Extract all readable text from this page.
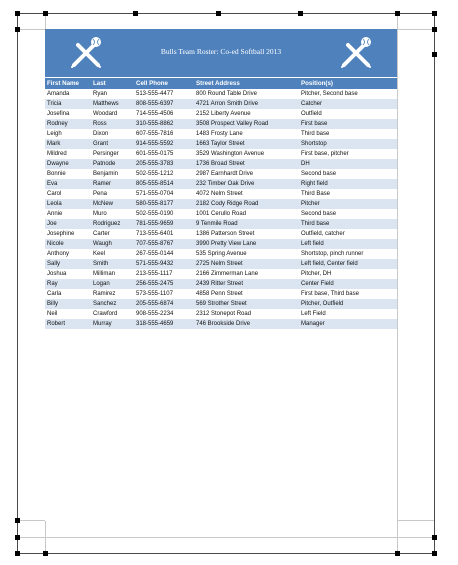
Bulls Team Roster: Co-ed Softball 2013
First Name	Last	Cell Phone	Street Address	Position(s)
Amanda	Ryan	513-555-4477	800 Round Table Drive	Pitcher, Second base
Tricia	Matthews	808-555-6397	4721 Arron Smith Drive	Catcher
Josefina	Woodard	714-555-4506	2152 Liberty Avenue	Outfield
Rodney	Ross	310-555-8862	3508 Prospect Valley Road	First base
Leigh	Dixon	607-555-7816	1483 Frosty Lane	Third base
Mark	Grant	914-555-5592	1663 Taylor Street	Shortstop
Mildred	Persinger	601-555-0175	3529 Washington Avenue	First base, pitcher
Dwayne	Patnode	205-555-3783	1736 Broad Street	DH
Bonnie	Benjamin	502-555-1212	2987 Earnhardt Drive	Second base
Eva	Ramer	805-555-8514	232 Timber Oak Drive	Right field
Carol	Pena	571-555-0704	4072 Nelm Street	Third Base
Leola	McNew	580-555-8177	2182 Cody Ridge Road	Pitcher
Annie	Muro	502-555-0190	1001 Cerullo Road	Second base
Joe	Rodriguez	781-555-9659	9 Tenmile Road	Third base
Josephine	Carter	713-555-6401	1386 Patterson Street	Outfield, catcher
Nicole	Waugh	707-555-8767	3990 Pretty View Lane	Left field
Anthony	Keel	267-555-0144	535 Spring Avenue	Shortstop, pinch runner
Sally	Smith	571-555-9432	2725 Nelm Street	Left field, Center field
Joshua	Milliman	213-555-1117	2166 Zimmerman Lane	Pitcher, DH
Ray	Logan	256-555-2475	2439 Ritter Street	Center Field
Carla	Ramirez	573-555-1107	4858 Penn Street	First base, Third base
Billy	Sanchez	205-555-6874	569 Strother Street	Pitcher, Outfield
Neil	Crawford	908-555-2234	2312 Stonepot Road	Left Field
Robert	Murray	318-555-4659	746 Brookside Drive	Manager
